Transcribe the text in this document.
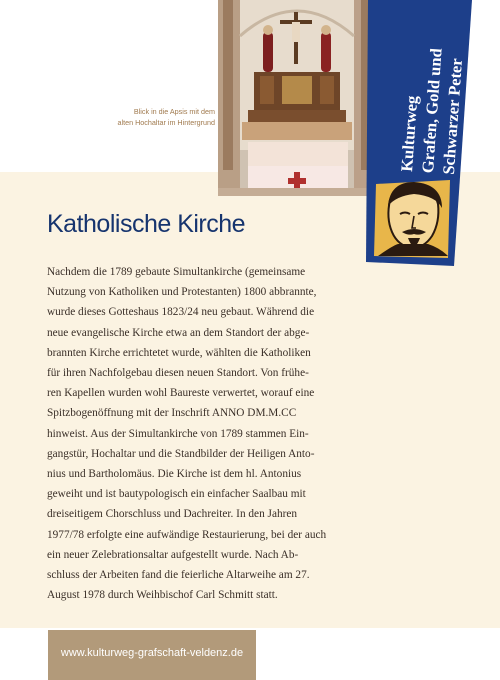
Blick in die Apsis mit dem
alten Hochaltar im Hintergrund	Kulturweg
Grafen, Gold und
Schwarzer Peter
Katholische Kirche

Nachdem die 1789 gebaute Simultankirche (gemeinsame
Nutzung von Katholiken und Protestanten) 1800 abbrannte,
wurde dieses Gotteshaus 1823/24 neu gebaut. Während die
neue evangelische Kirche etwa an dem Standort der abge-
brannten Kirche errichtetet wurde, wählten die Katholiken
für ihren Nachfolgebau diesen neuen Standort. Von frühe-
ren Kapellen wurden wohl Baureste verwertet, worauf eine
Spitzbogenöffnung mit der Inschrift ANNO DM.M.CC
hinweist. Aus der Simultankirche von 1789 stammen Ein-
gangstür, Hochaltar und die Standbilder der Heiligen Anto-
nius und Bartholomäus. Die Kirche ist dem hl. Antonius
geweiht und ist bautypologisch ein einfacher Saalbau mit
dreiseitigem Chorschluss und Dachreiter. In den Jahren
1977/78 erfolgte eine aufwändige Restaurierung, bei der auch
ein neuer Zelebrationsaltar aufgestellt wurde. Nach Ab-
schluss der Arbeiten fand die feierliche Altarweihe am 27.
August 1978 durch Weihbischof Carl Schmitt statt.

www.kulturweg-grafschaft-veldenz.de
